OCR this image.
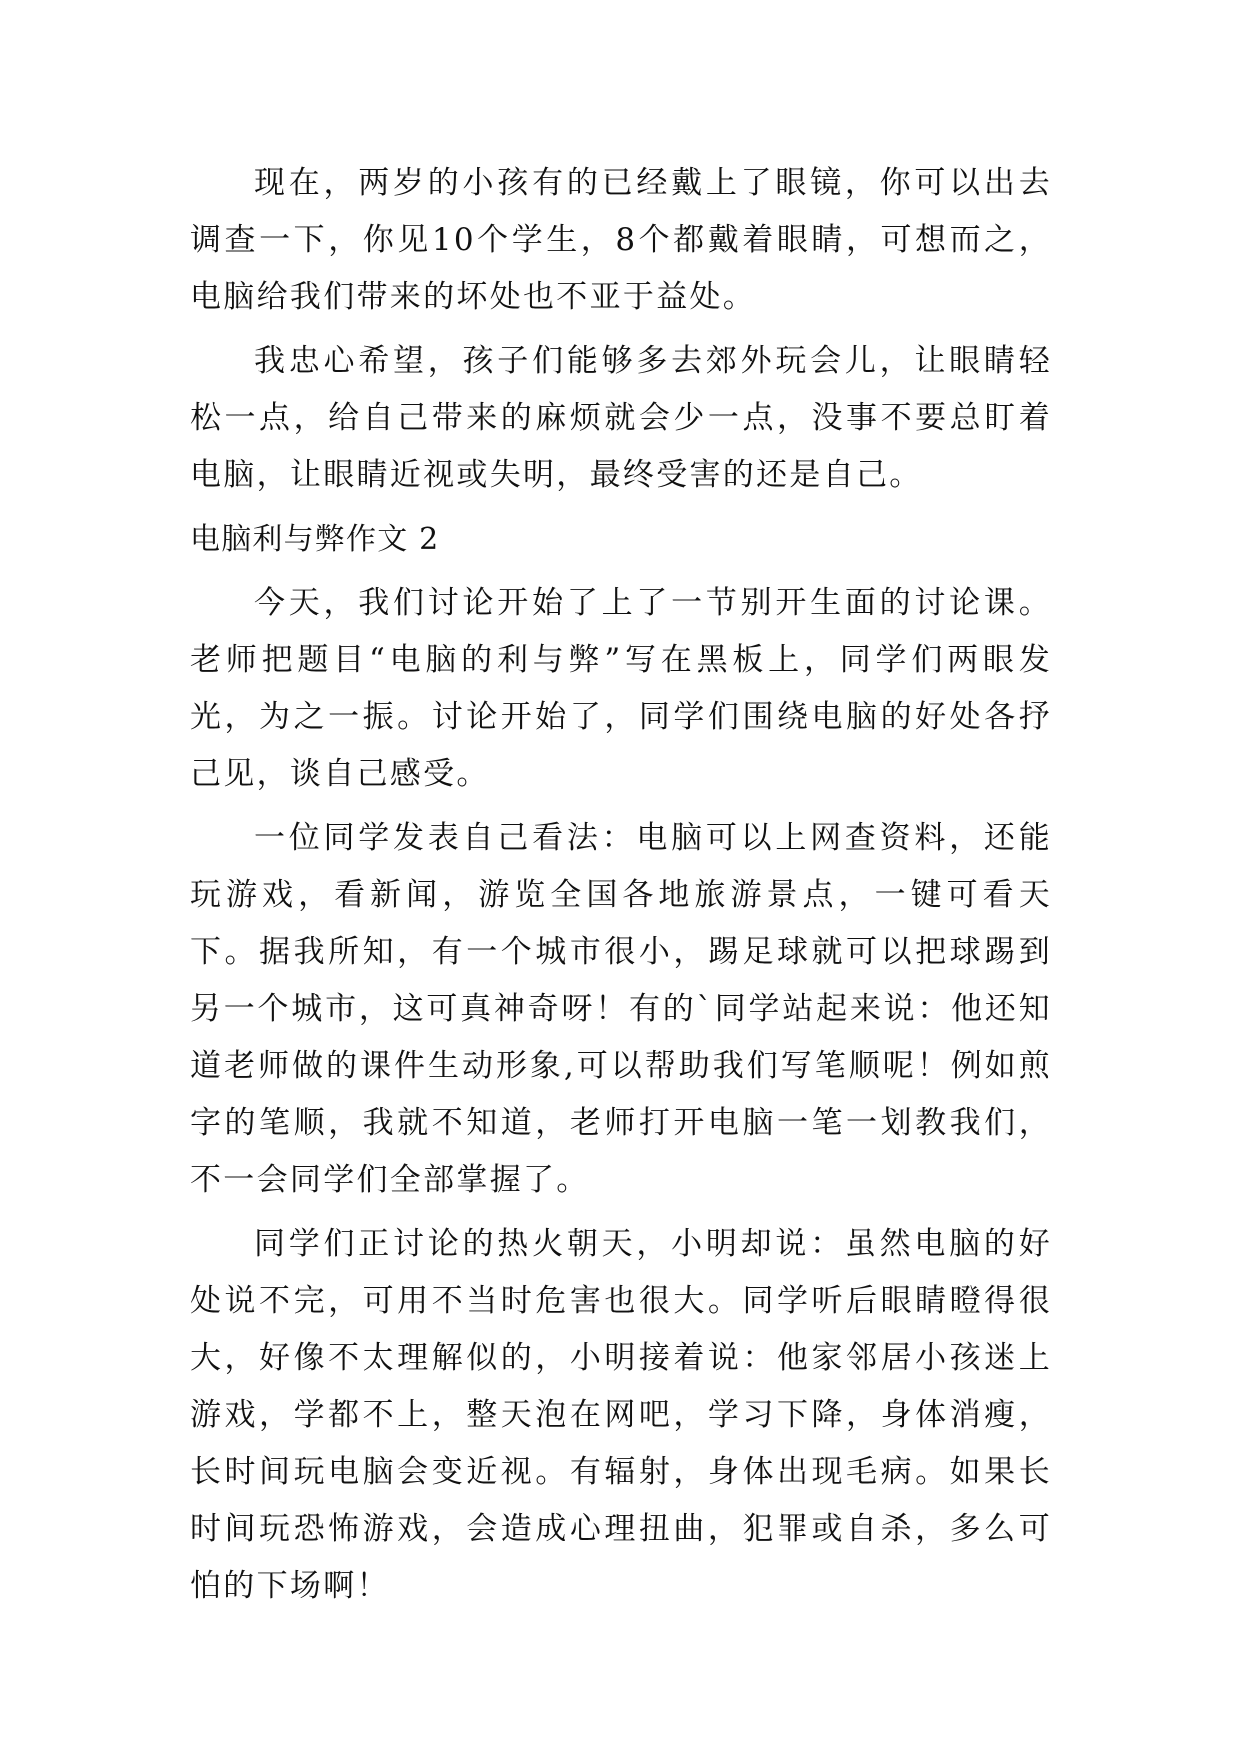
现在，两岁的小孩有的已经戴上了眼镜，你可以出去调查一下，你见10个学生，8个都戴着眼睛，可想而之，电脑给我们带来的坏处也不亚于益处。

我忠心希望，孩子们能够多去郊外玩会儿，让眼睛轻松一点，给自己带来的麻烦就会少一点，没事不要总盯着电脑，让眼睛近视或失明，最终受害的还是自己。

电脑利与弊作文 2

今天，我们讨论开始了上了一节别开生面的讨论课。老师把题目“电脑的利与弊”写在黑板上，同学们两眼发光，为之一振。讨论开始了，同学们围绕电脑的好处各抒己见，谈自己感受。

一位同学发表自己看法：电脑可以上网查资料，还能玩游戏，看新闻，游览全国各地旅游景点，一键可看天下。据我所知，有一个城市很小，踢足球就可以把球踢到另一个城市，这可真神奇呀！有的`同学站起来说：他还知道老师做的课件生动形象,可以帮助我们写笔顺呢！例如煎字的笔顺，我就不知道，老师打开电脑一笔一划教我们，不一会同学们全部掌握了。

同学们正讨论的热火朝天，小明却说：虽然电脑的好处说不完，可用不当时危害也很大。同学听后眼睛瞪得很大，好像不太理解似的，小明接着说：他家邻居小孩迷上游戏，学都不上，整天泡在网吧，学习下降，身体消瘦，长时间玩电脑会变近视。有辐射，身体出现毛病。如果长时间玩恐怖游戏，会造成心理扭曲，犯罪或自杀，多么可怕的下场啊！
